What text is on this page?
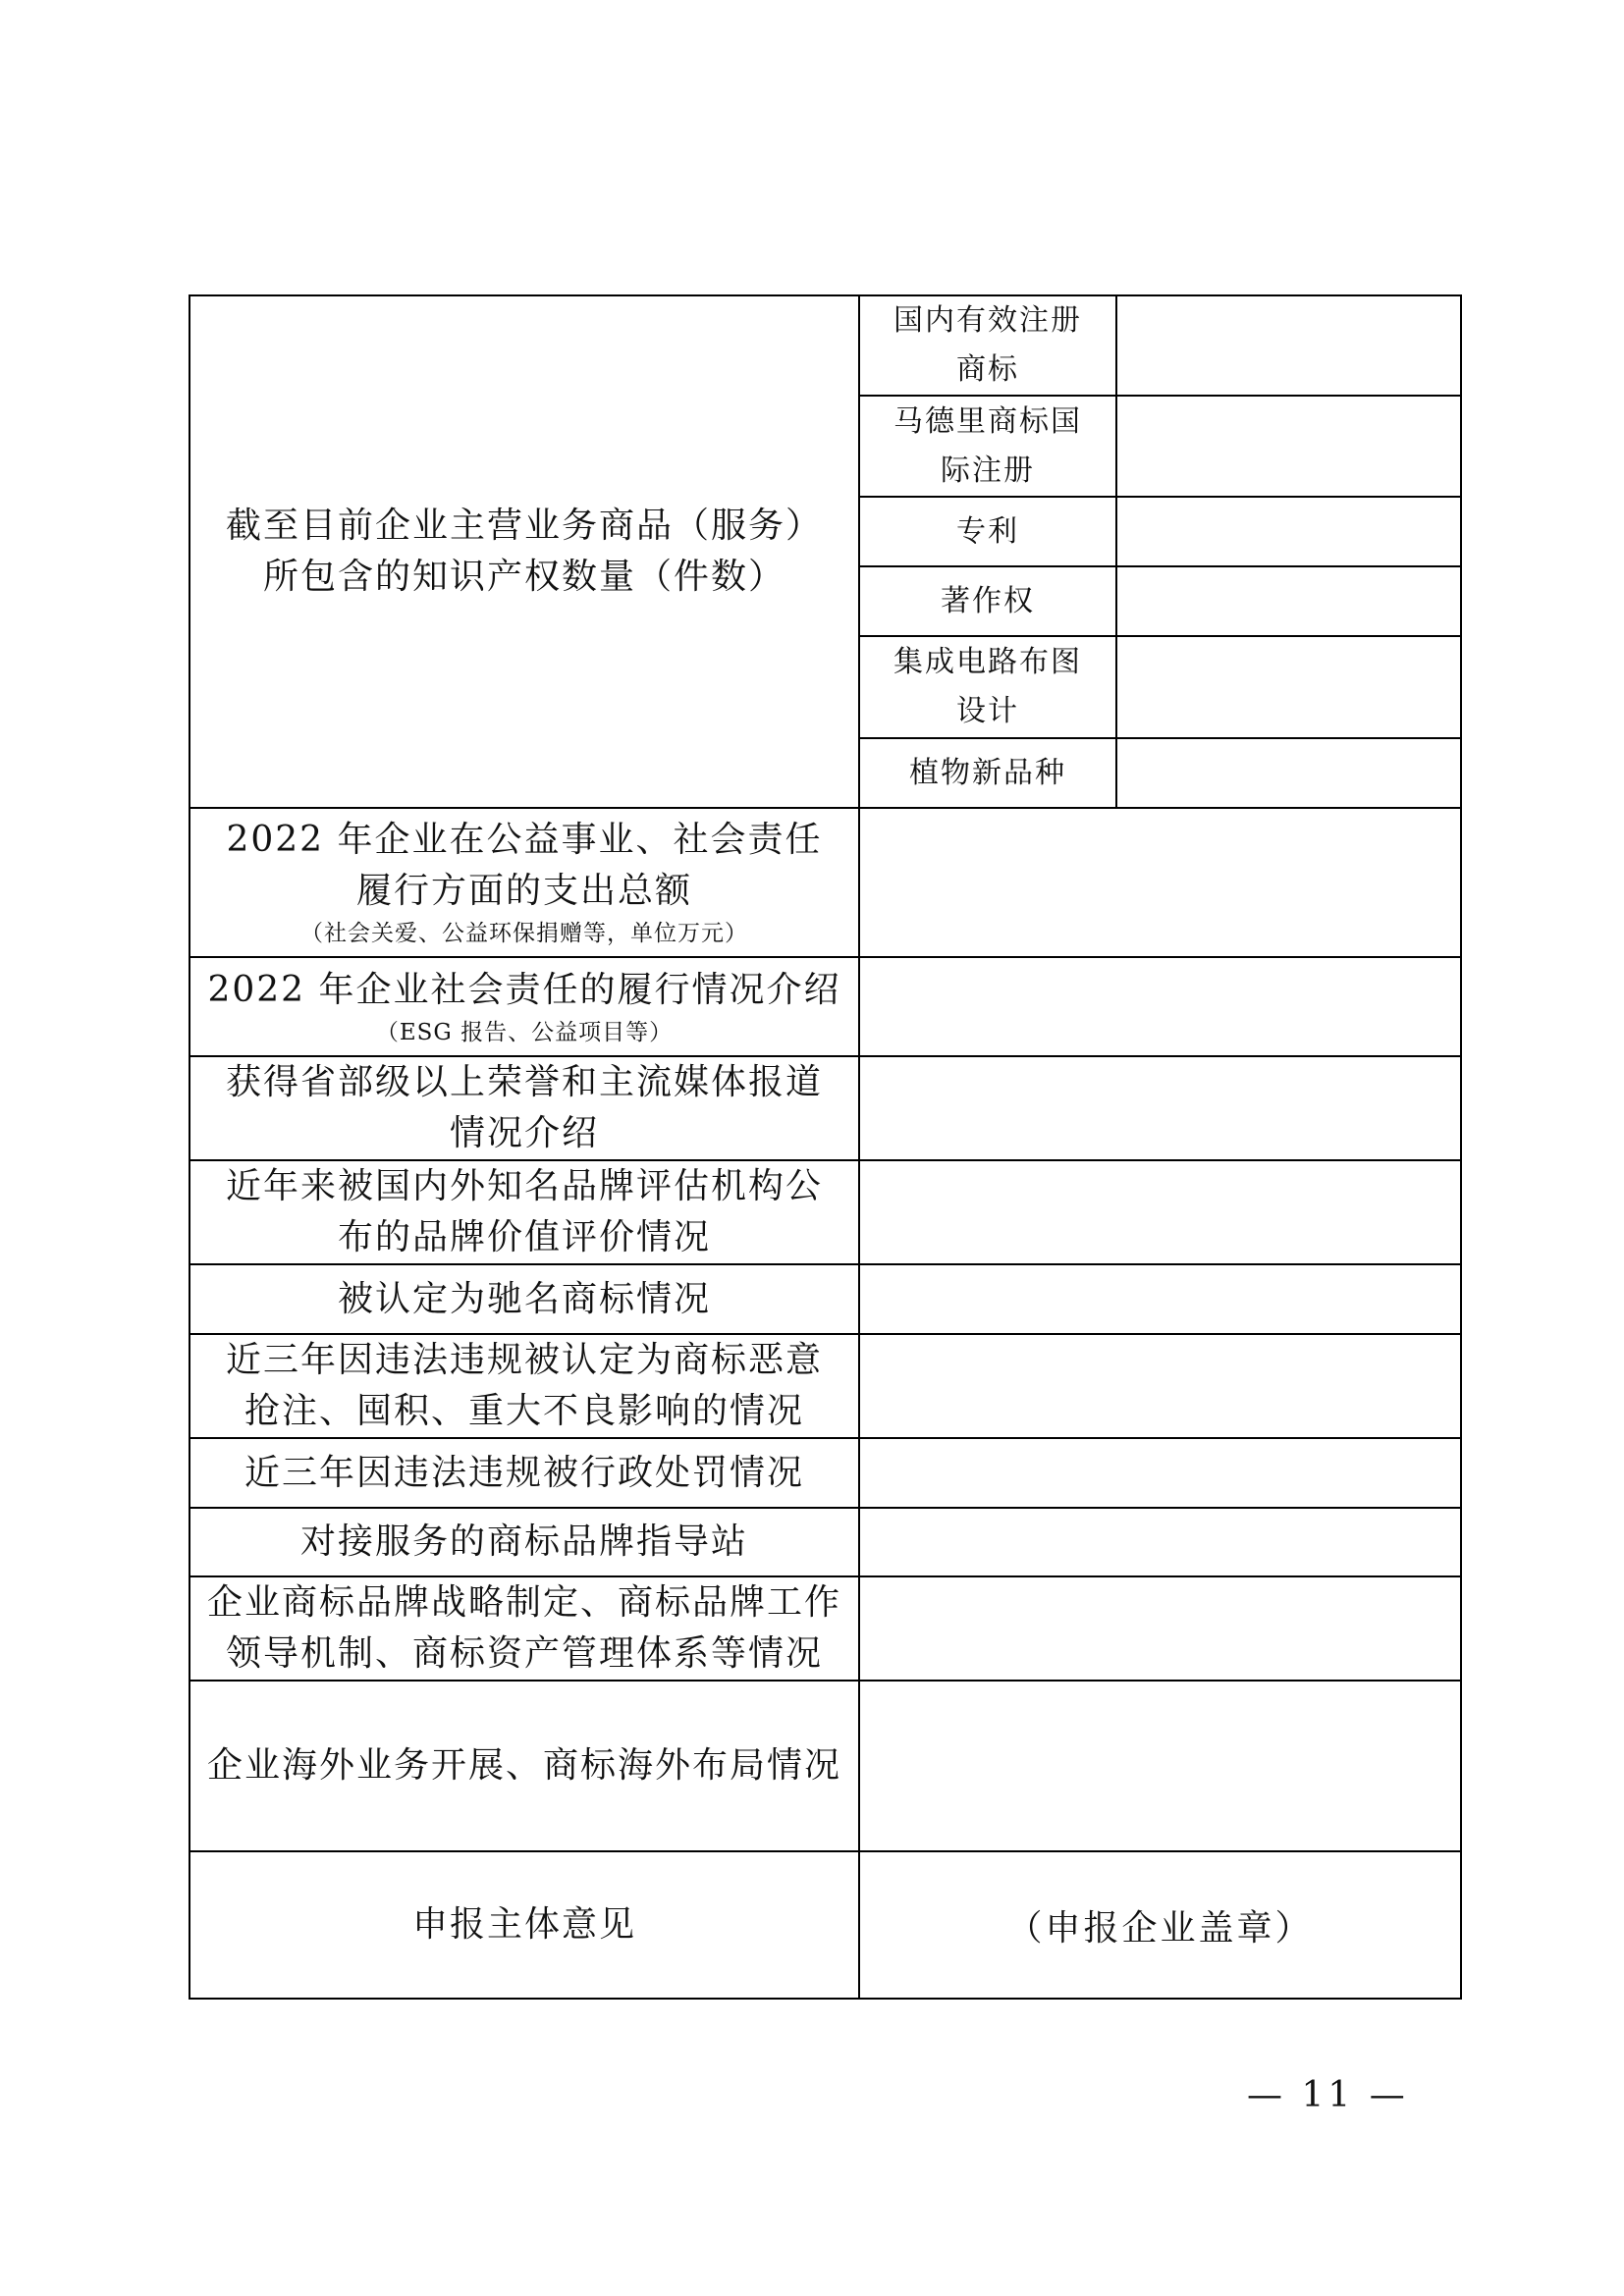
截至目前企业主营业务商品（服务）
所包含的知识产权数量（件数）	国内有效注册
商标	

	马德里商标国
际注册	

	专利	

	著作权	

	集成电路布图
设计	

	植物新品种	

2022 年企业在公益事业、社会责任
履行方面的支出总额
（社会关爱、公益环保捐赠等，单位万元）		

2022 年企业社会责任的履行情况介绍
（ESG 报告、公益项目等）		

获得省部级以上荣誉和主流媒体报道
情况介绍		

近年来被国内外知名品牌评估机构公
布的品牌价值评价情况		

被认定为驰名商标情况		

近三年因违法违规被认定为商标恶意
抢注、囤积、重大不良影响的情况		

近三年因违法违规被行政处罚情况		

对接服务的商标品牌指导站		

企业商标品牌战略制定、商标品牌工作
领导机制、商标资产管理体系等情况		

企业海外业务开展、商标海外布局情况		

申报主体意见	（申报企业盖章）	
— 11 —
